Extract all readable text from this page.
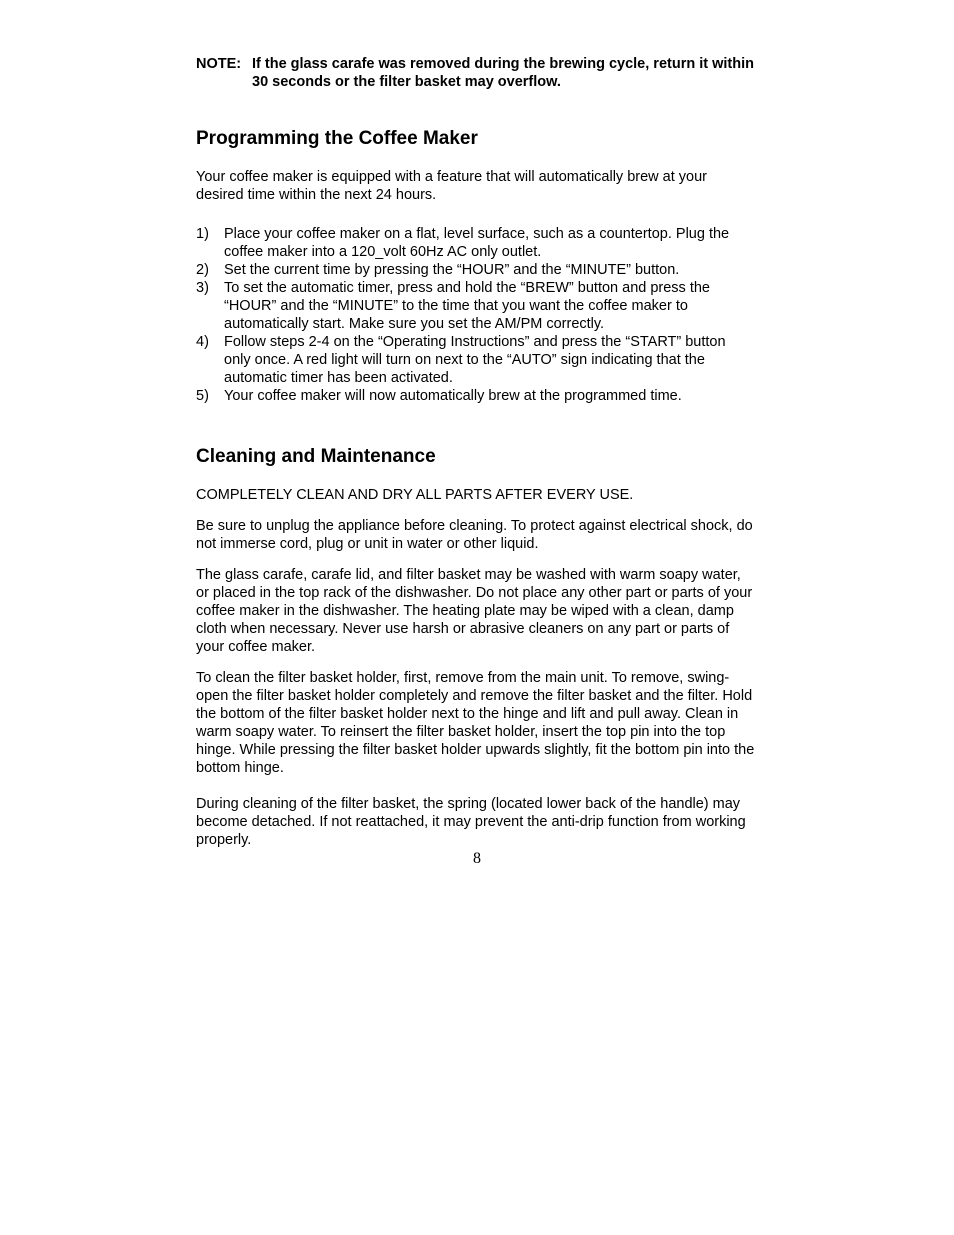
NOTE: If the glass carafe was removed during the brewing cycle, return it within 30 seconds or the filter basket may overflow.
Programming the Coffee Maker

Your coffee maker is equipped with a feature that will automatically brew at your desired time within the next 24 hours.

1)	Place your coffee maker on a flat, level surface, such as a countertop. Plug the coffee maker into a 120_volt 60Hz AC only outlet.
2)	Set the current time by pressing the “HOUR” and the “MINUTE” button.
3)	To set the automatic timer, press and hold the “BREW” button and press the “HOUR” and the “MINUTE” to the time that you want the coffee maker to automatically start. Make sure you set the AM/PM correctly.
4)	Follow steps 2-4 on the “Operating Instructions” and press the “START” button only once. A red light will turn on next to the “AUTO” sign indicating that the automatic timer has been activated.
5)	Your coffee maker will now automatically brew at the programmed time.
Cleaning and Maintenance

COMPLETELY CLEAN AND DRY ALL PARTS AFTER EVERY USE.

Be sure to unplug the appliance before cleaning. To protect against electrical shock, do not immerse cord, plug or unit in water or other liquid.

The glass carafe, carafe lid, and filter basket may be washed with warm soapy water, or placed in the top rack of the dishwasher. Do not place any other part or parts of your coffee maker in the dishwasher. The heating plate may be wiped with a clean, damp cloth when necessary. Never use harsh or abrasive cleaners on any part or parts of your coffee maker.

To clean the filter basket holder, first, remove from the main unit. To remove, swing-open the filter basket holder completely and remove the filter basket and the filter. Hold the bottom of the filter basket holder next to the hinge and lift and pull away. Clean in warm soapy water. To reinsert the filter basket holder, insert the top pin into the top hinge. While pressing the filter basket holder upwards slightly, fit the bottom pin into the bottom hinge.

During cleaning of the filter basket, the spring (located lower back of the handle) may become detached. If not reattached, it may prevent the anti-drip function from working properly.

8
